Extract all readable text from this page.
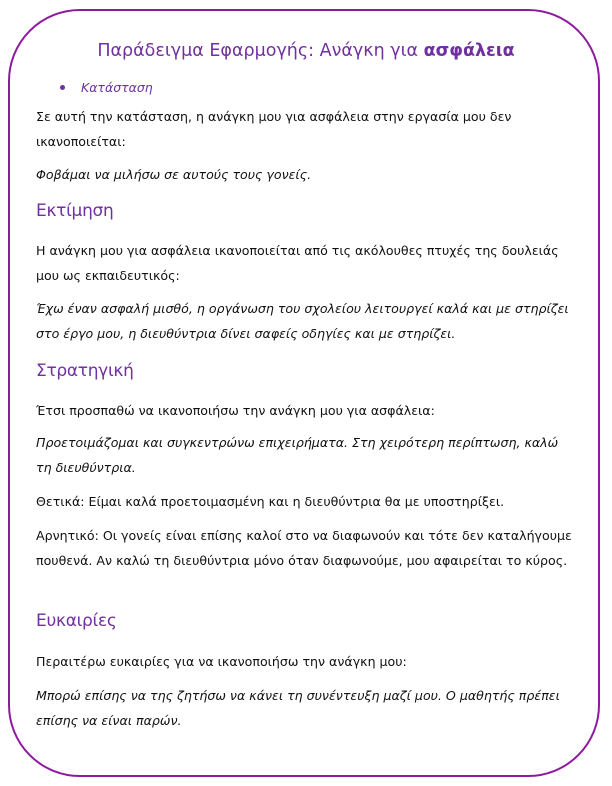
Παράδειγμα Εφαρμογής: Ανάγκη για ασφάλεια
Κατάσταση
Σε αυτή την κατάσταση, η ανάγκη μου για ασφάλεια στην εργασία μου δεν ικανοποιείται:
Φοβάμαι να μιλήσω σε αυτούς τους γονείς.
Εκτίμηση
Η ανάγκη μου για ασφάλεια ικανοποιείται από τις ακόλουθες πτυχές της δουλειάς μου ως εκπαιδευτικός:
Έχω έναν ασφαλή μισθό, η οργάνωση του σχολείου λειτουργεί καλά και με στηρίζει στο έργο μου, η διευθύντρια δίνει σαφείς οδηγίες και με στηρίζει.
Στρατηγική
Έτσι προσπαθώ να ικανοποιήσω την ανάγκη μου για ασφάλεια:
Προετοιμάζομαι και συγκεντρώνω επιχειρήματα. Στη χειρότερη περίπτωση, καλώ τη διευθύντρια.
Θετικά: Είμαι καλά προετοιμασμένη και η διευθύντρια θα με υποστηρίξει.
Αρνητικό: Οι γονείς είναι επίσης καλοί στο να διαφωνούν και τότε δεν καταλήγουμε πουθενά. Αν καλώ τη διευθύντρια μόνο όταν διαφωνούμε, μου αφαιρείται το κύρος.
Ευκαιρίες
Περαιτέρω ευκαιρίες για να ικανοποιήσω την ανάγκη μου:
Μπορώ επίσης να της ζητήσω να κάνει τη συνέντευξη μαζί μου. Ο μαθητής πρέπει επίσης να είναι παρών.
